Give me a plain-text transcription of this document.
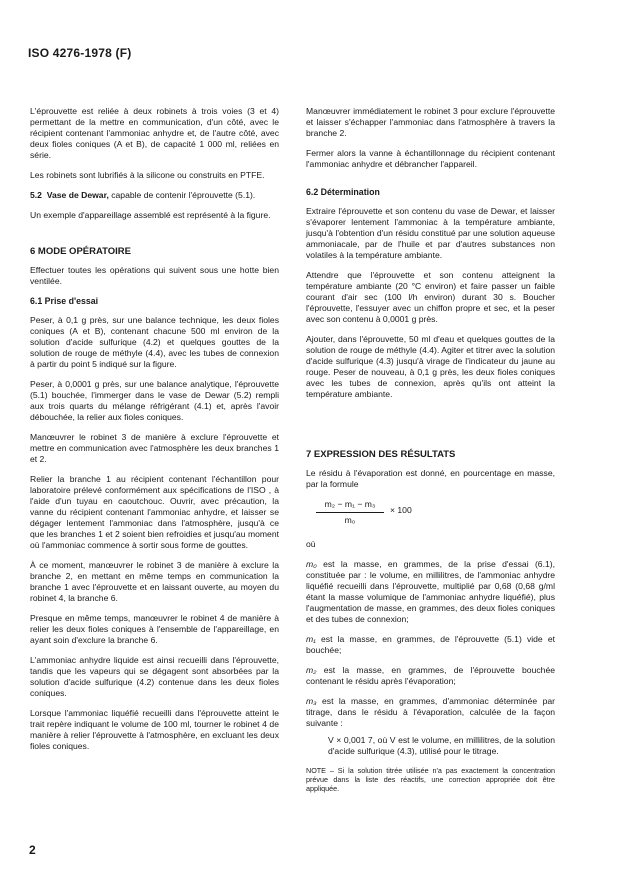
ISO 4276-1978 (F)

L'éprouvette est reliée à deux robinets à trois voies (3 et 4) permettant de la mettre en communication, d'un côté, avec le récipient contenant l'ammoniac anhydre et, de l'autre côté, avec deux fioles coniques (A et B), de capacité 1 000 ml, reliées en série.

Les robinets sont lubrifiés à la silicone ou construits en PTFE.

5.2 Vase de Dewar, capable de contenir l'éprouvette (5.1).

Un exemple d'appareillage assemblé est représenté à la figure.

6 MODE OPÉRATOIRE

Effectuer toutes les opérations qui suivent sous une hotte bien ventilée.

6.1 Prise d'essai

Peser, à 0,1 g près, sur une balance technique, les deux fioles coniques (A et B), contenant chacune 500 ml environ de la solution d'acide sulfurique (4.2) et quelques gouttes de la solution de rouge de méthyle (4.4), avec les tubes de connexion à partir du point 5 indiqué sur la figure.

Peser, à 0,0001 g près, sur une balance analytique, l'éprouvette (5.1) bouchée, l'immerger dans le vase de Dewar (5.2) rempli aux trois quarts du mélange réfrigérant (4.1) et, après l'avoir débouchée, la relier aux fioles coniques.

Manœuvrer le robinet 3 de manière à exclure l'éprouvette et mettre en communication avec l'atmosphère les deux branches 1 et 2.

Relier la branche 1 au récipient contenant l'échantillon pour laboratoire prélevé conformément aux spécifications de l'ISO , à l'aide d'un tuyau en caoutchouc. Ouvrir, avec précaution, la vanne du récipient contenant l'ammoniac anhydre, et laisser se dégager lentement l'ammoniac dans l'atmosphère, jusqu'à ce que les branches 1 et 2 soient bien refroidies et jusqu'au moment où l'ammoniac commence à sortir sous forme de gouttes.

À ce moment, manœuvrer le robinet 3 de manière à exclure la branche 2, en mettant en même temps en communication la branche 1 avec l'éprouvette et en laissant ouverte, au moyen du robinet 4, la branche 6.

Presque en même temps, manœuvrer le robinet 4 de manière à relier les deux fioles coniques à l'ensemble de l'appareillage, en ayant soin d'exclure la branche 6.

L'ammoniac anhydre liquide est ainsi recueilli dans l'éprouvette, tandis que les vapeurs qui se dégagent sont absorbées par la solution d'acide sulfurique (4.2) contenue dans les deux fioles coniques.

Lorsque l'ammoniac liquéfié recueilli dans l'éprouvette atteint le trait repère indiquant le volume de 100 ml, tourner le robinet 4 de manière à relier l'éprouvette à l'atmosphère, en excluant les deux fioles coniques.

Manœuvrer immédiatement le robinet 3 pour exclure l'éprouvette et laisser s'échapper l'ammoniac dans l'atmosphère à travers la branche 2.

Fermer alors la vanne à échantillonnage du récipient contenant l'ammoniac anhydre et débrancher l'appareil.

6.2 Détermination

Extraire l'éprouvette et son contenu du vase de Dewar, et laisser s'évaporer lentement l'ammoniac à la température ambiante, jusqu'à l'obtention d'un résidu constitué par une solution aqueuse ammoniacale, par de l'huile et par d'autres substances non volatiles à la température ambiante.

Attendre que l'éprouvette et son contenu atteignent la température ambiante (20 °C environ) et faire passer un faible courant d'air sec (100 l/h environ) durant 30 s. Boucher l'éprouvette, l'essuyer avec un chiffon propre et sec, et la peser avec son contenu à 0,0001 g près.

Ajouter, dans l'éprouvette, 50 ml d'eau et quelques gouttes de la solution de rouge de méthyle (4.4). Agiter et titrer avec la solution d'acide sulfurique (4.3) jusqu'à virage de l'indicateur du jaune au rouge. Peser de nouveau, à 0,1 g près, les deux fioles coniques avec les tubes de connexion, après qu'ils ont atteint la température ambiante.

7 EXPRESSION DES RÉSULTATS

Le résidu à l'évaporation est donné, en pourcentage en masse, par la formule

$\frac{\text{m₂ − m₁ − m₃}}{\text{m₀}} \times 100$

où

m₀ est la masse, en grammes, de la prise d'essai (6.1), constituée par : le volume, en millilitres, de l'ammoniac anhydre liquéfié recueilli dans l'éprouvette, multiplié par 0,68 (0,68 g/ml étant la masse volumique de l'ammoniac anhydre liquéfié), plus l'augmentation de masse, en grammes, des deux fioles coniques et des tubes de connexion;

m₁ est la masse, en grammes, de l'éprouvette (5.1) vide et bouchée;

m₂ est la masse, en grammes, de l'éprouvette bouchée contenant le résidu après l'évaporation;

m₃ est la masse, en grammes, d'ammoniac déterminée par titrage, dans le résidu à l'évaporation, calculée de la façon suivante :

V × 0,001 7, où V est le volume, en millilitres, de la solution d'acide sulfurique (4.3), utilisé pour le titrage.

NOTE – Si la solution titrée utilisée n'a pas exactement la concentration prévue dans la liste des réactifs, une correction appropriée doit être appliquée.
2
